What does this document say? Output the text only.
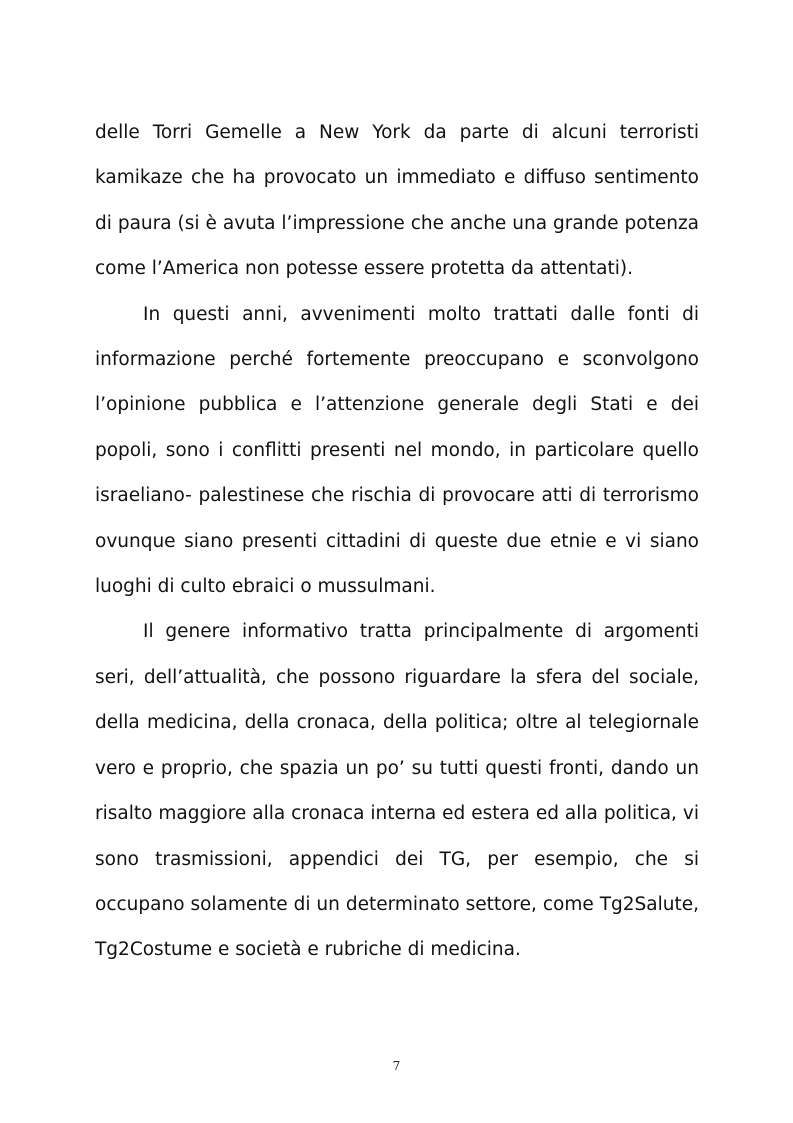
delle Torri Gemelle a New York da parte di alcuni terroristi kamikaze che ha provocato un immediato e diffuso sentimento di paura (si è avuta l’impressione che anche una grande potenza come l’America non potesse essere protetta da attentati).

In questi anni, avvenimenti molto trattati dalle fonti di informazione perché fortemente preoccupano e sconvolgono l’opinione pubblica e l’attenzione generale degli Stati e dei popoli, sono i conflitti presenti nel mondo, in particolare quello israeliano- palestinese che rischia di provocare atti di terrorismo ovunque siano presenti cittadini di queste due etnie e vi siano luoghi di culto ebraici o mussulmani.

Il genere informativo tratta principalmente di argomenti seri, dell’attualità, che possono riguardare la sfera del sociale, della medicina, della cronaca, della politica; oltre al telegiornale vero e proprio, che spazia un po’ su tutti questi fronti, dando un risalto maggiore alla cronaca interna ed estera ed alla politica, vi sono trasmissioni, appendici dei TG, per esempio, che si occupano solamente di un determinato settore, come Tg2Salute, Tg2Costume e società e rubriche di medicina.

7
